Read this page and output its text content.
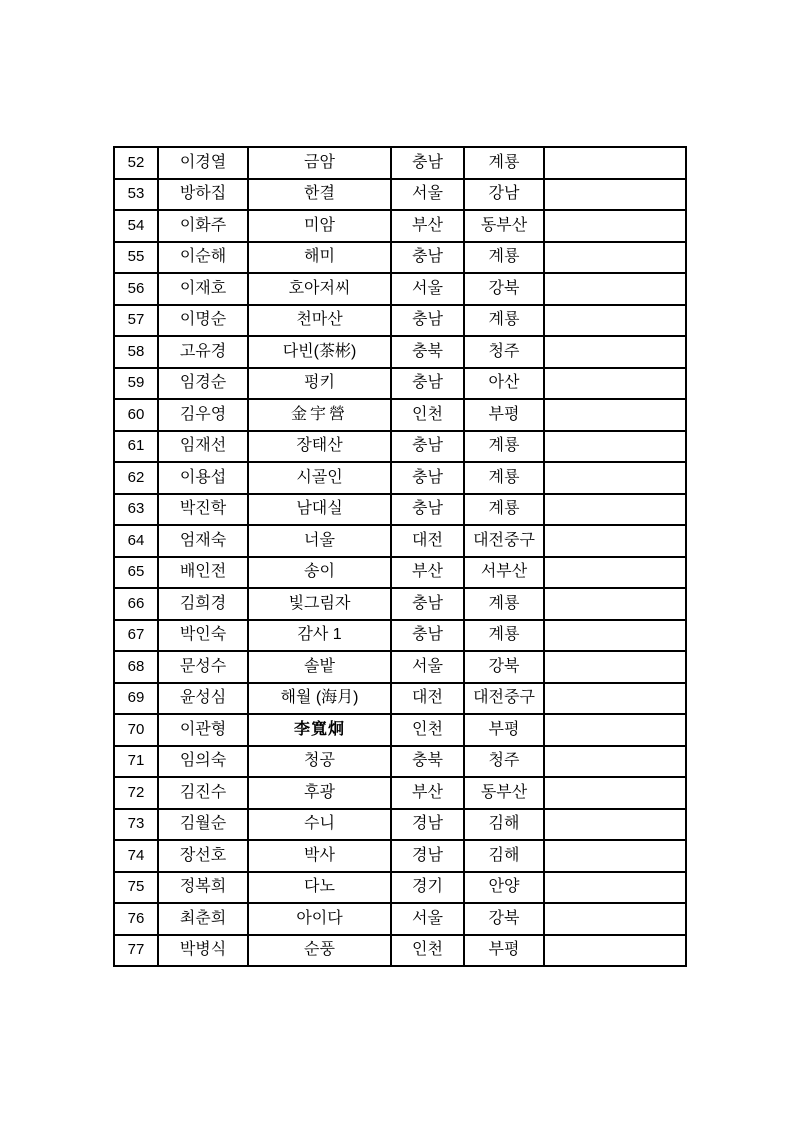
52	이경열	금암	충남	계룡	
53	방하집	한결	서울	강남	
54	이화주	미암	부산	동부산	
55	이순해	해미	충남	계룡	
56	이재호	호아저씨	서울	강북	
57	이명순	천마산	충남	계룡	
58	고유경	다빈(茶彬)	충북	청주	
59	임경순	펑키	충남	아산	
60	김우영	金宇營	인천	부평	
61	임재선	장태산	충남	계룡	
62	이용섭	시골인	충남	계룡	
63	박진학	남대실	충남	계룡	
64	엄재숙	너울	대전	대전중구	
65	배인전	송이	부산	서부산	
66	김희경	빛그림자	충남	계룡	
67	박인숙	감사 1	충남	계룡	
68	문성수	솔밭	서울	강북	
69	윤성심	해월 (海月)	대전	대전중구	
70	이관형	李寬炯	인천	부평	
71	임의숙	청공	충북	청주	
72	김진수	후광	부산	동부산	
73	김월순	수니	경남	김해	
74	장선호	박사	경남	김해	
75	정복희	다노	경기	안양	
76	최춘희	아이다	서울	강북	
77	박병식	순풍	인천	부평	
